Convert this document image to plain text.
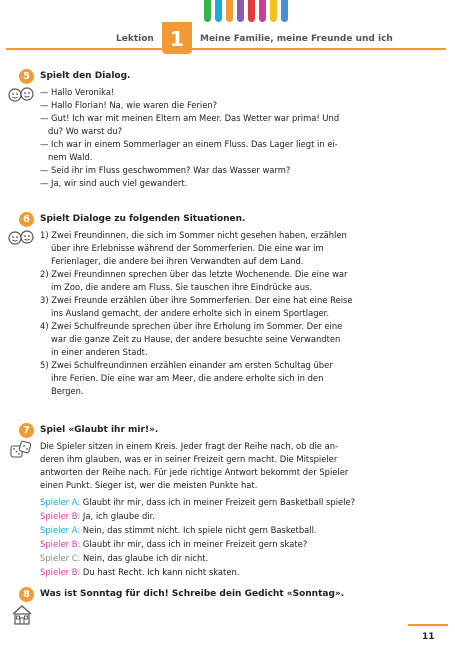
Lektion 1	Meine Familie, meine Freunde und ich
5	Spielt den Dialog.
— Hallo Veronika!
— Hallo Florian! Na, wie waren die Ferien?
— Gut! Ich war mit meinen Eltern am Meer. Das Wetter war prima! Und
du? Wo warst du?
— Ich war in einem Sommerlager an einem Fluss. Das Lager liegt in ei-
nem Wald.
— Seid ihr im Fluss geschwommen? War das Wasser warm?
— Ja, wir sind auch viel gewandert.
6	Spielt Dialoge zu folgenden Situationen.
1) Zwei Freundinnen, die sich im Sommer nicht gesehen haben, erzählen
über ihre Erlebnisse während der Sommerferien. Die eine war im
Ferienlager, die andere bei ihren Verwandten auf dem Land.
2) Zwei Freundinnen sprechen über das letzte Wochenende. Die eine war
im Zoo, die andere am Fluss. Sie tauschen ihre Eindrücke aus.
3) Zwei Freunde erzählen über ihre Sommerferien. Der eine hat eine Reise
ins Ausland gemacht, der andere erholte sich in einem Sportlager.
4) Zwei Schulfreunde sprechen über ihre Erholung im Sommer. Der eine
war die ganze Zeit zu Hause, der andere besuchte seine Verwandten
in einer anderen Stadt.
5) Zwei Schulfreundinnen erzählen einander am ersten Schultag über
ihre Ferien. Die eine war am Meer, die andere erholte sich in den
Bergen.
7	Spiel «Glaubt ihr mir!».
Die Spieler sitzen in einem Kreis. Jeder fragt der Reihe nach, ob die an-
deren ihm glauben, was er in seiner Freizeit gern macht. Die Mitspieler
antworten der Reihe nach. Für jede richtige Antwort bekommt der Spieler
einen Punkt. Sieger ist, wer die meisten Punkte hat.
Spieler A: Glaubt ihr mir, dass ich in meiner Freizeit gern Basketball spiele?
Spieler B: Ja, ich glaube dir.
Spieler A: Nein, das stimmt nicht. Ich spiele nicht gern Basketball.
Spieler B: Glaubt ihr mir, dass ich in meiner Freizeit gern skate?
Spieler C: Nein, das glaube ich dir nicht.
Spieler B: Du hast Recht. Ich kann nicht skaten.
8	Was ist Sonntag für dich! Schreibe dein Gedicht «Sonntag».
11
